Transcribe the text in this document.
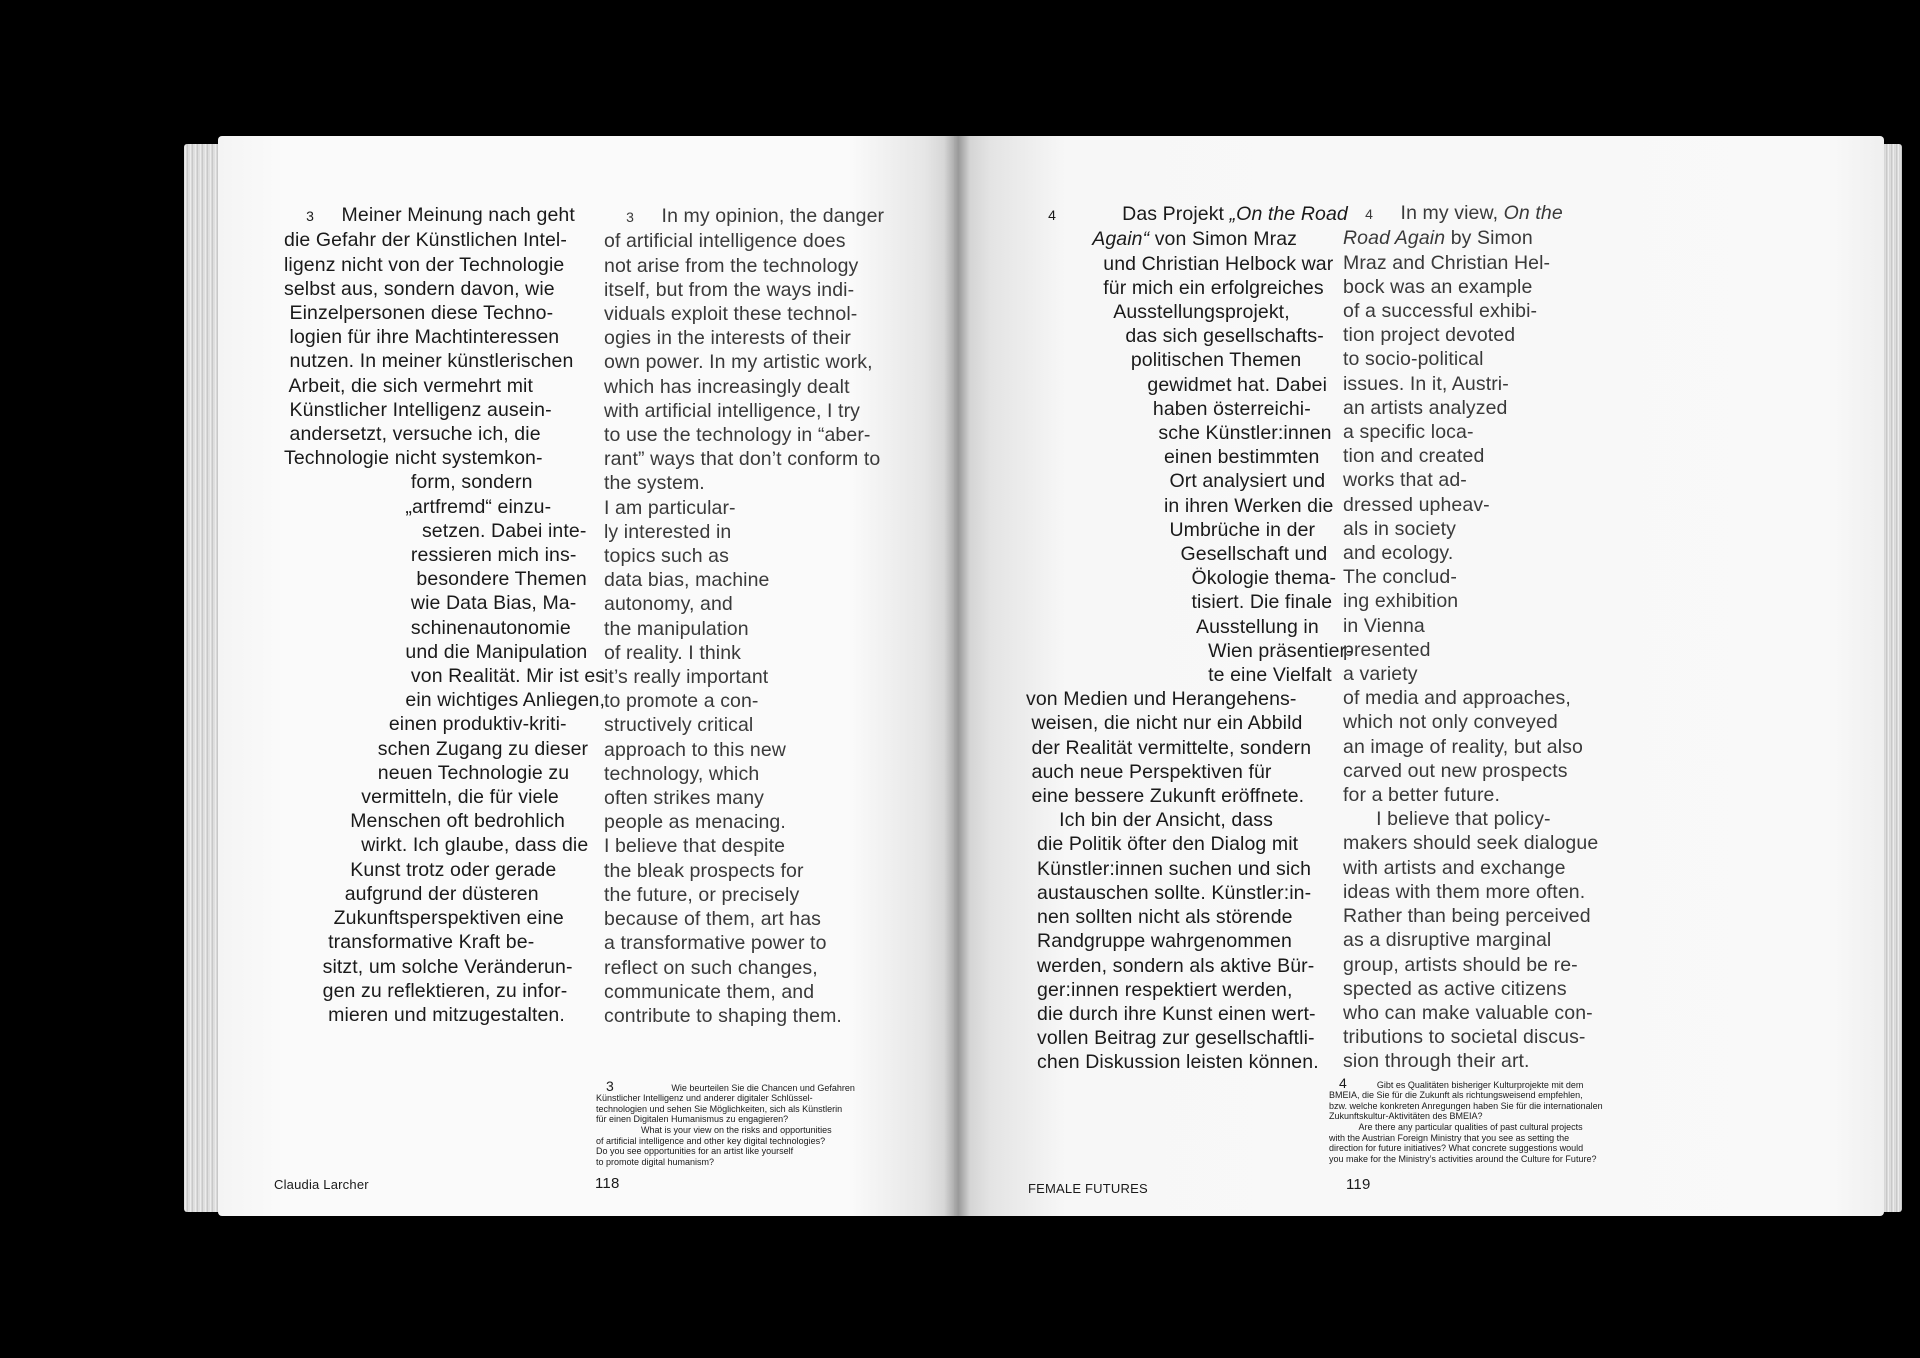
3     Meiner Meinung nach geht
die Gefahr der Künstlichen Intel-
ligenz nicht von der Technologie
selbst aus, sondern davon, wie
Einzelpersonen diese Techno-
logien für ihre Machtinteressen
nutzen. In meiner künstlerischen
Arbeit, die sich vermehrt mit
Künstlicher Intelligenz ausein-
andersetzt, versuche ich, die
Technologie nicht systemkon-
form, sondern
„artfremd“ einzu-
setzen. Dabei inte-
ressieren mich ins-
besondere Themen
wie Data Bias, Ma-
schinenautonomie
und die Manipulation
von Realität. Mir ist es
ein wichtiges Anliegen,
einen produktiv-kriti-
schen Zugang zu dieser
neuen Technologie zu
vermitteln, die für viele
Menschen oft bedrohlich
wirkt. Ich glaube, dass die
Kunst trotz oder gerade
aufgrund der düsteren
Zukunftsperspektiven eine
transformative Kraft be-
sitzt, um solche Veränderun-
gen zu reflektieren, zu infor-
mieren und mitzugestalten.

3     In my opinion, the danger
of artificial intelligence does
not arise from the technology
itself, but from the ways indi-
viduals exploit these technol-
ogies in the interests of their
own power. In my artistic work,
which has increasingly dealt
with artificial intelligence, I try
to use the technology in “aber-
rant” ways that don’t conform to
the system.
I am particular-
ly interested in
topics such as
data bias, machine
autonomy, and
the manipulation
of reality. I think
it’s really important
to promote a con-
structively critical
approach to this new
technology, which
often strikes many
people as menacing.
I believe that despite
the bleak prospects for
the future, or precisely
because of them, art has
a transformative power to
reflect on such changes,
communicate them, and
contribute to shaping them.

3                       Wie beurteilen Sie die Chancen und Gefahren
Künstlicher Intelligenz und anderer digitaler Schlüssel-
technologien und sehen Sie Möglichkeiten, sich als Künstlerin
für einen Digitalen Humanismus zu engagieren?
What is your view on the risks and opportunities
of artificial intelligence and other key digital technologies?
Do you see opportunities for an artist like yourself
to promote digital humanism?

Claudia Larcher	118

4            Das Projekt „On the Road
Again“ von Simon Mraz
und Christian Helbock war
für mich ein erfolgreiches
Ausstellungsprojekt,
das sich gesellschafts-
politischen Themen
gewidmet hat. Dabei
haben österreichi-
sche Künstler:innen
einen bestimmten
Ort analysiert und
in ihren Werken die
Umbrüche in der
Gesellschaft und
Ökologie thema-
tisiert. Die finale
Ausstellung in
Wien präsentier-
te eine Vielfalt
von Medien und Herangehens-
weisen, die nicht nur ein Abbild
der Realität vermittelte, sondern
auch neue Perspektiven für
eine bessere Zukunft eröffnete.
Ich bin der Ansicht, dass
die Politik öfter den Dialog mit
Künstler:innen suchen und sich
austauschen sollte. Künstler:in-
nen sollten nicht als störende
Randgruppe wahrgenommen
werden, sondern als aktive Bür-
ger:innen respektiert werden,
die durch ihre Kunst einen wert-
vollen Beitrag zur gesellschaftli-
chen Diskussion leisten können.

4     In my view, On the
Road Again by Simon
Mraz and Christian Hel-
bock was an example
of a successful exhibi-
tion project devoted
to socio-political
issues. In it, Austri-
an artists analyzed
a specific loca-
tion and created
works that ad-
dressed upheav-
als in society
and ecology.
The conclud-
ing exhibition
in Vienna
presented
a variety
of media and approaches,
which not only conveyed
an image of reality, but also
carved out new prospects
for a better future.
I believe that policy-
makers should seek dialogue
with artists and exchange
ideas with them more often.
Rather than being perceived
as a disruptive marginal
group, artists should be re-
spected as active citizens
who can make valuable con-
tributions to societal discus-
sion through their art.

4            Gibt es Qualitäten bisheriger Kulturprojekte mit dem
BMEIA, die Sie für die Zukunft als richtungsweisend empfehlen,
bzw. welche konkreten Anregungen haben Sie für die internationalen
Zukunftskultur-Aktivitäten des BMEIA?
Are there any particular qualities of past cultural projects
with the Austrian Foreign Ministry that you see as setting the
direction for future initiatives? What concrete suggestions would
you make for the Ministry’s activities around the Culture for Future?

FEMALE FUTURES	119
